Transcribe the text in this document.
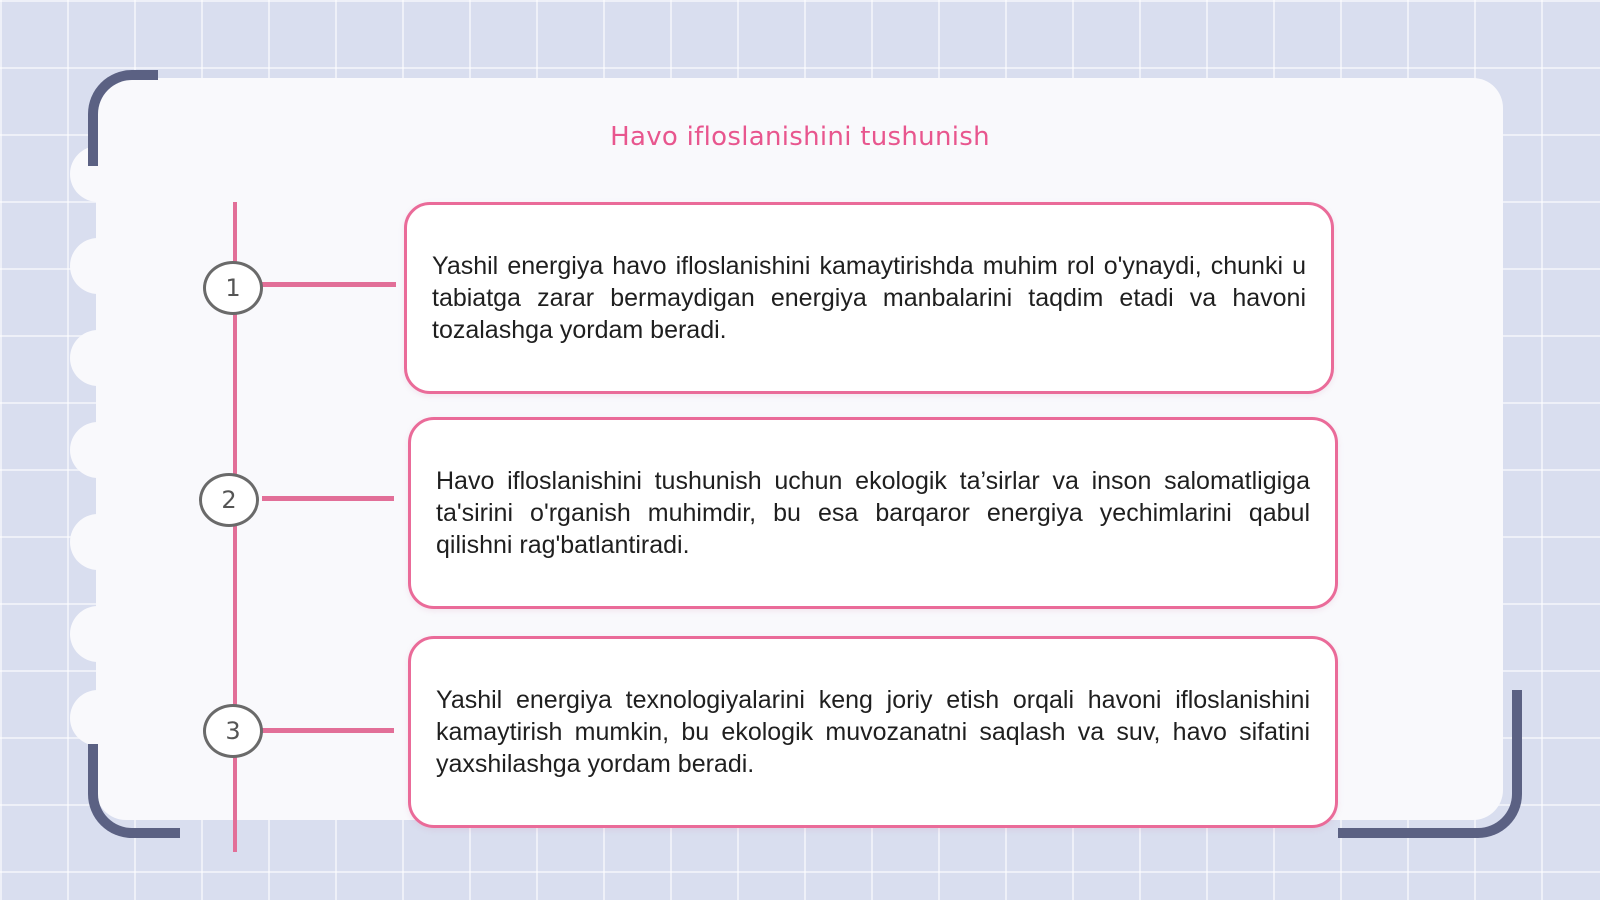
Havo ifloslanishini tushunish
1
2
3

Yashil energiya havo ifloslanishini kamaytirishda muhim rol o'ynaydi, chunki u tabiatga zarar bermaydigan energiya manbalarini taqdim etadi va havoni tozalashga yordam beradi.

Havo ifloslanishini tushunish uchun ekologik ta’sirlar va inson salomatligiga ta'sirini o'rganish muhimdir, bu esa barqaror energiya yechimlarini qabul qilishni rag'batlantiradi.

Yashil energiya texnologiyalarini keng joriy etish orqali havoni ifloslanishini kamaytirish mumkin, bu ekologik muvozanatni saqlash va suv, havo sifatini yaxshilashga yordam beradi.
